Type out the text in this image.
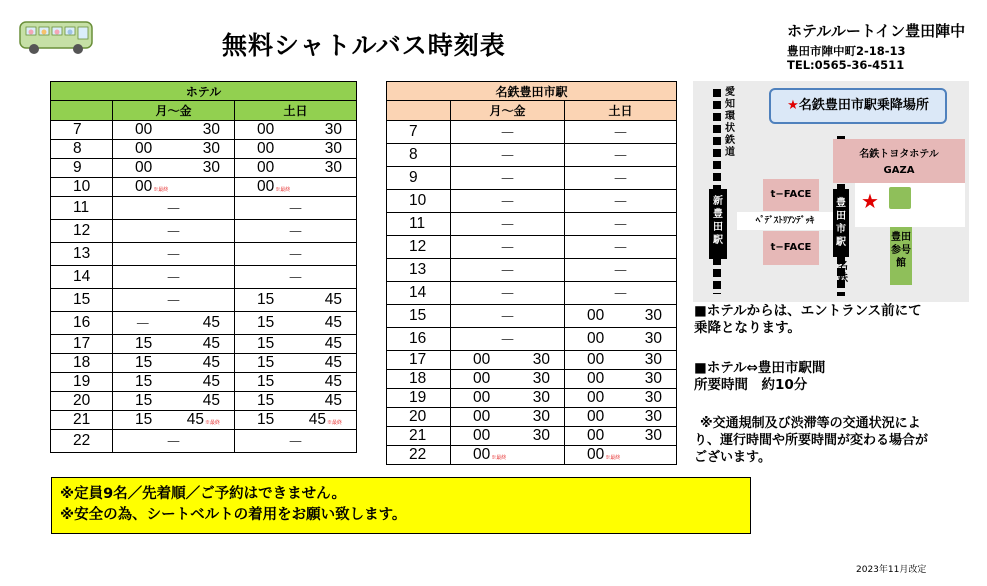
無料シャトルバス時刻表	ホテルルートイン豊田陣中
豊田市陣中町2-18-13
TEL:0565-36-4511
ホテル		
	月～金	土日
7	00 30	00 30

8	00 30	00 30

9	00 30	00 30

10	00※最終	00※最終

11	－	－

12	－	－

13	－	－

14	－	－

15	－	15 45

16	－ 45	15 45

17	15 45	15 45

18	15 45	15 45

19	15 45	15 45

20	15 45	15 45

21	15 45※最終	15 45※最終

22	－	－
名鉄豊田市駅		
	月～金	土日
7	－	－

8	－	－

9	－	－

10	－	－

11	－	－

12	－	－

13	－	－

14	－	－

15	－	00 30

16	－	00 30

17	00 30	00 30

18	00 30	00 30

19	00 30	00 30

20	00 30	00 30

21	00 30	00 30

22	00※最終	00※最終
愛知環状鉄道
新豊田駅
★名鉄豊田市駅乗降場所
豊田市駅
名鉄
名鉄トヨタホテル
GAZA
t−FACE
t−FACE
ﾍﾟﾃﾞｽﾄﾘｱﾝﾃﾞｯｷ
★
豊田参号館
■ホテルからは、エントランス前にて
乗降となります。
■ホテル⇔豊田市駅間
所要時間　約10分
※交通規制及び渋滞等の交通状況によ
り、運行時間や所要時間が変わる場合が
ございます。
※定員9名／先着順／ご予約はできません。
※安全の為、シートベルトの着用をお願い致します。
2023年11月改定
